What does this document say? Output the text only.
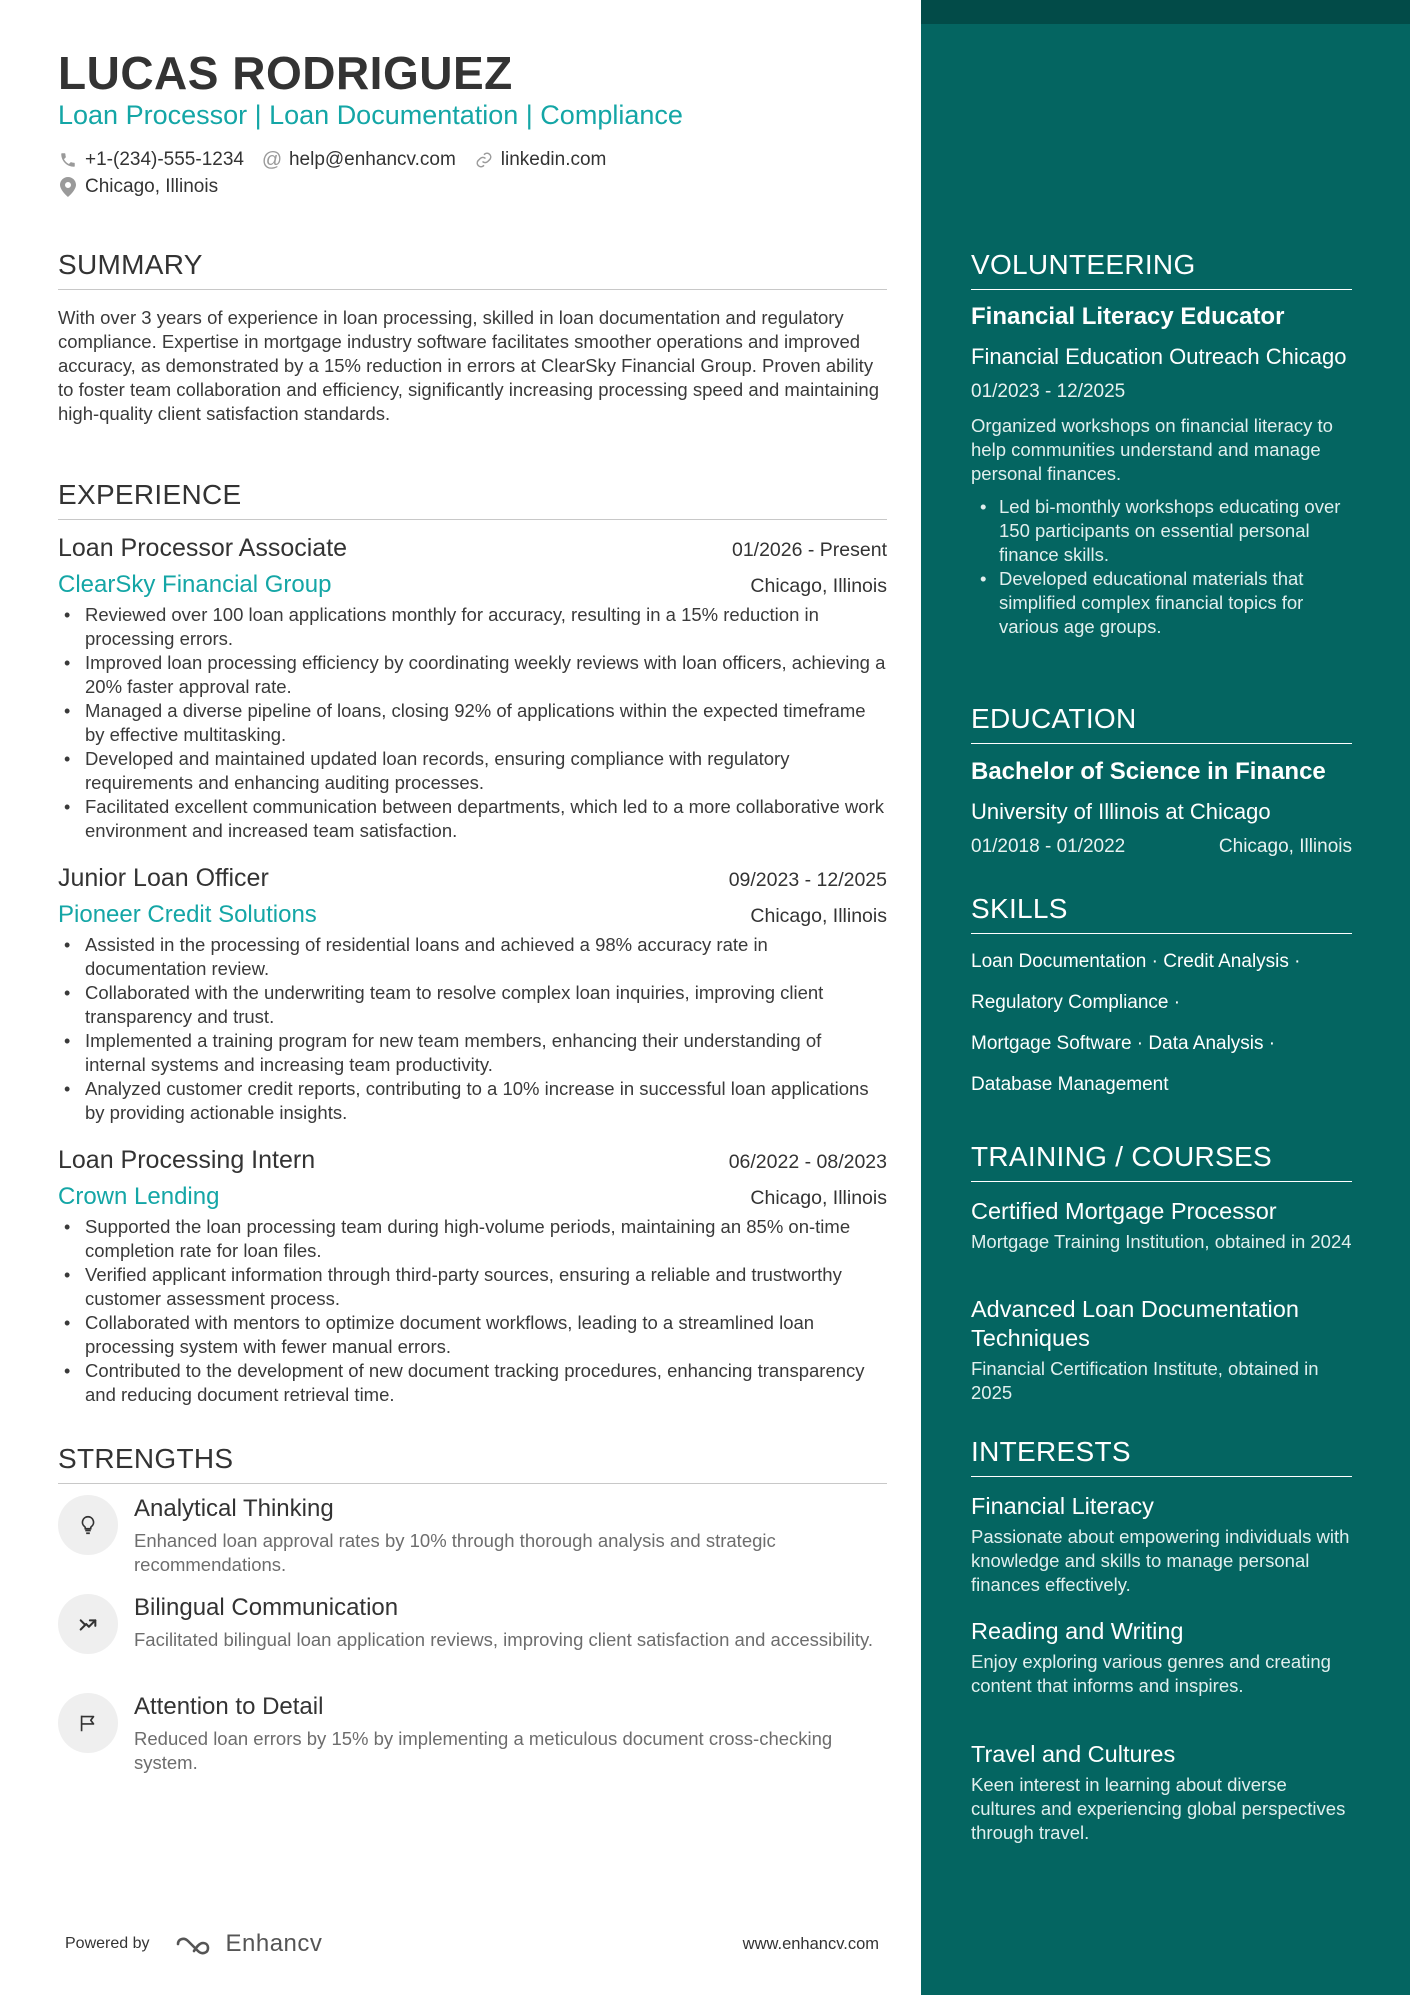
LUCAS RODRIGUEZ
Loan Processor | Loan Documentation | Compliance
+1-(234)-555-1234 @ help@enhancv.com linkedin.com
Chicago, Illinois
SUMMARY
With over 3 years of experience in loan processing, skilled in loan documentation and regulatory compliance. Expertise in mortgage industry software facilitates smoother operations and improved accuracy, as demonstrated by a 15% reduction in errors at ClearSky Financial Group. Proven ability to foster team collaboration and efficiency, significantly increasing processing speed and maintaining high-quality client satisfaction standards.
EXPERIENCE
Loan Processor Associate	01/2026 - Present
ClearSky Financial Group	Chicago, Illinois
• Reviewed over 100 loan applications monthly for accuracy, resulting in a 15% reduction in processing errors.
• Improved loan processing efficiency by coordinating weekly reviews with loan officers, achieving a 20% faster approval rate.
• Managed a diverse pipeline of loans, closing 92% of applications within the expected timeframe by effective multitasking.
• Developed and maintained updated loan records, ensuring compliance with regulatory requirements and enhancing auditing processes.
• Facilitated excellent communication between departments, which led to a more collaborative work environment and increased team satisfaction.
Junior Loan Officer	09/2023 - 12/2025
Pioneer Credit Solutions	Chicago, Illinois
• Assisted in the processing of residential loans and achieved a 98% accuracy rate in documentation review.
• Collaborated with the underwriting team to resolve complex loan inquiries, improving client transparency and trust.
• Implemented a training program for new team members, enhancing their understanding of internal systems and increasing team productivity.
• Analyzed customer credit reports, contributing to a 10% increase in successful loan applications by providing actionable insights.
Loan Processing Intern	06/2022 - 08/2023
Crown Lending	Chicago, Illinois
• Supported the loan processing team during high-volume periods, maintaining an 85% on-time completion rate for loan files.
• Verified applicant information through third-party sources, ensuring a reliable and trustworthy customer assessment process.
• Collaborated with mentors to optimize document workflows, leading to a streamlined loan processing system with fewer manual errors.
• Contributed to the development of new document tracking procedures, enhancing transparency and reducing document retrieval time.
STRENGTHS
Analytical Thinking
Enhanced loan approval rates by 10% through thorough analysis and strategic recommendations.
Bilingual Communication
Facilitated bilingual loan application reviews, improving client satisfaction and accessibility.
Attention to Detail
Reduced loan errors by 15% by implementing a meticulous document cross-checking system.
Powered by	Enhancv	www.enhancv.com
VOLUNTEERING
Financial Literacy Educator
Financial Education Outreach Chicago
01/2023 - 12/2025
Organized workshops on financial literacy to help communities understand and manage personal finances.
• Led bi-monthly workshops educating over 150 participants on essential personal finance skills.
• Developed educational materials that simplified complex financial topics for various age groups.
EDUCATION
Bachelor of Science in Finance
University of Illinois at Chicago
01/2018 - 01/2022	Chicago, Illinois
SKILLS
Loan Documentation · Credit Analysis ·
Regulatory Compliance ·
Mortgage Software · Data Analysis ·
Database Management
TRAINING / COURSES
Certified Mortgage Processor
Mortgage Training Institution, obtained in 2024
Advanced Loan Documentation Techniques
Financial Certification Institute, obtained in 2025
INTERESTS
Financial Literacy
Passionate about empowering individuals with knowledge and skills to manage personal finances effectively.
Reading and Writing
Enjoy exploring various genres and creating content that informs and inspires.
Travel and Cultures
Keen interest in learning about diverse cultures and experiencing global perspectives through travel.
